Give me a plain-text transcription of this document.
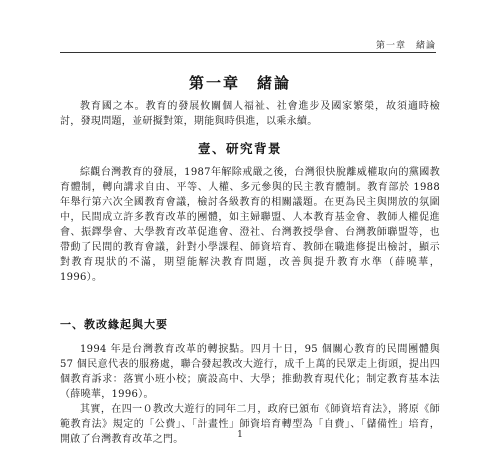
第一章　緒論
第一章　緒論

教育國之本。教育的發展攸關個人福祉、社會進步及國家繁榮，故須適時檢討，發現問題，並研擬對策，期能與時俱進，以乘永續。

壹、研究背景

綜觀台灣教育的發展，1987年解除戒嚴之後，台灣很快脫離威權取向的黨國教育體制，轉向講求自由、平等、人權、多元參與的民主教育體制。教育部於 1988 年舉行第六次全國教育會議，檢討各級教育的相關議題。在更為民主與開放的氛圍中，民間成立許多教育改革的團體，如主婦聯盟、人本教育基金會、教師人權促進會、振鐸學會、大學教育改革促進會、澄社、台灣教授學會、台灣教師聯盟等，也帶動了民間的教育會議，針對小學課程、師資培育、教師在職進修提出檢討，顯示對教育現狀的不滿，期望能解決教育問題，改善與提升教育水準（薛曉華，1996）。

一、教改緣起與大要

1994 年是台灣教育改革的轉捩點。四月十日，95 個關心教育的民間團體與 57 個民意代表的服務處，聯合發起教改大遊行，成千上萬的民眾走上街頭，提出四個教育訴求：落實小班小校；廣設高中、大學；推動教育現代化；制定教育基本法（薛曉華，1996）。

其實，在四一０教改大遊行的同年二月，政府已頒布《師資培育法》，將原《師範教育法》規定的「公費」、「計畫性」師資培育轉型為「自費」、「儲備性」培育，開啟了台灣教育改革之門。	1
